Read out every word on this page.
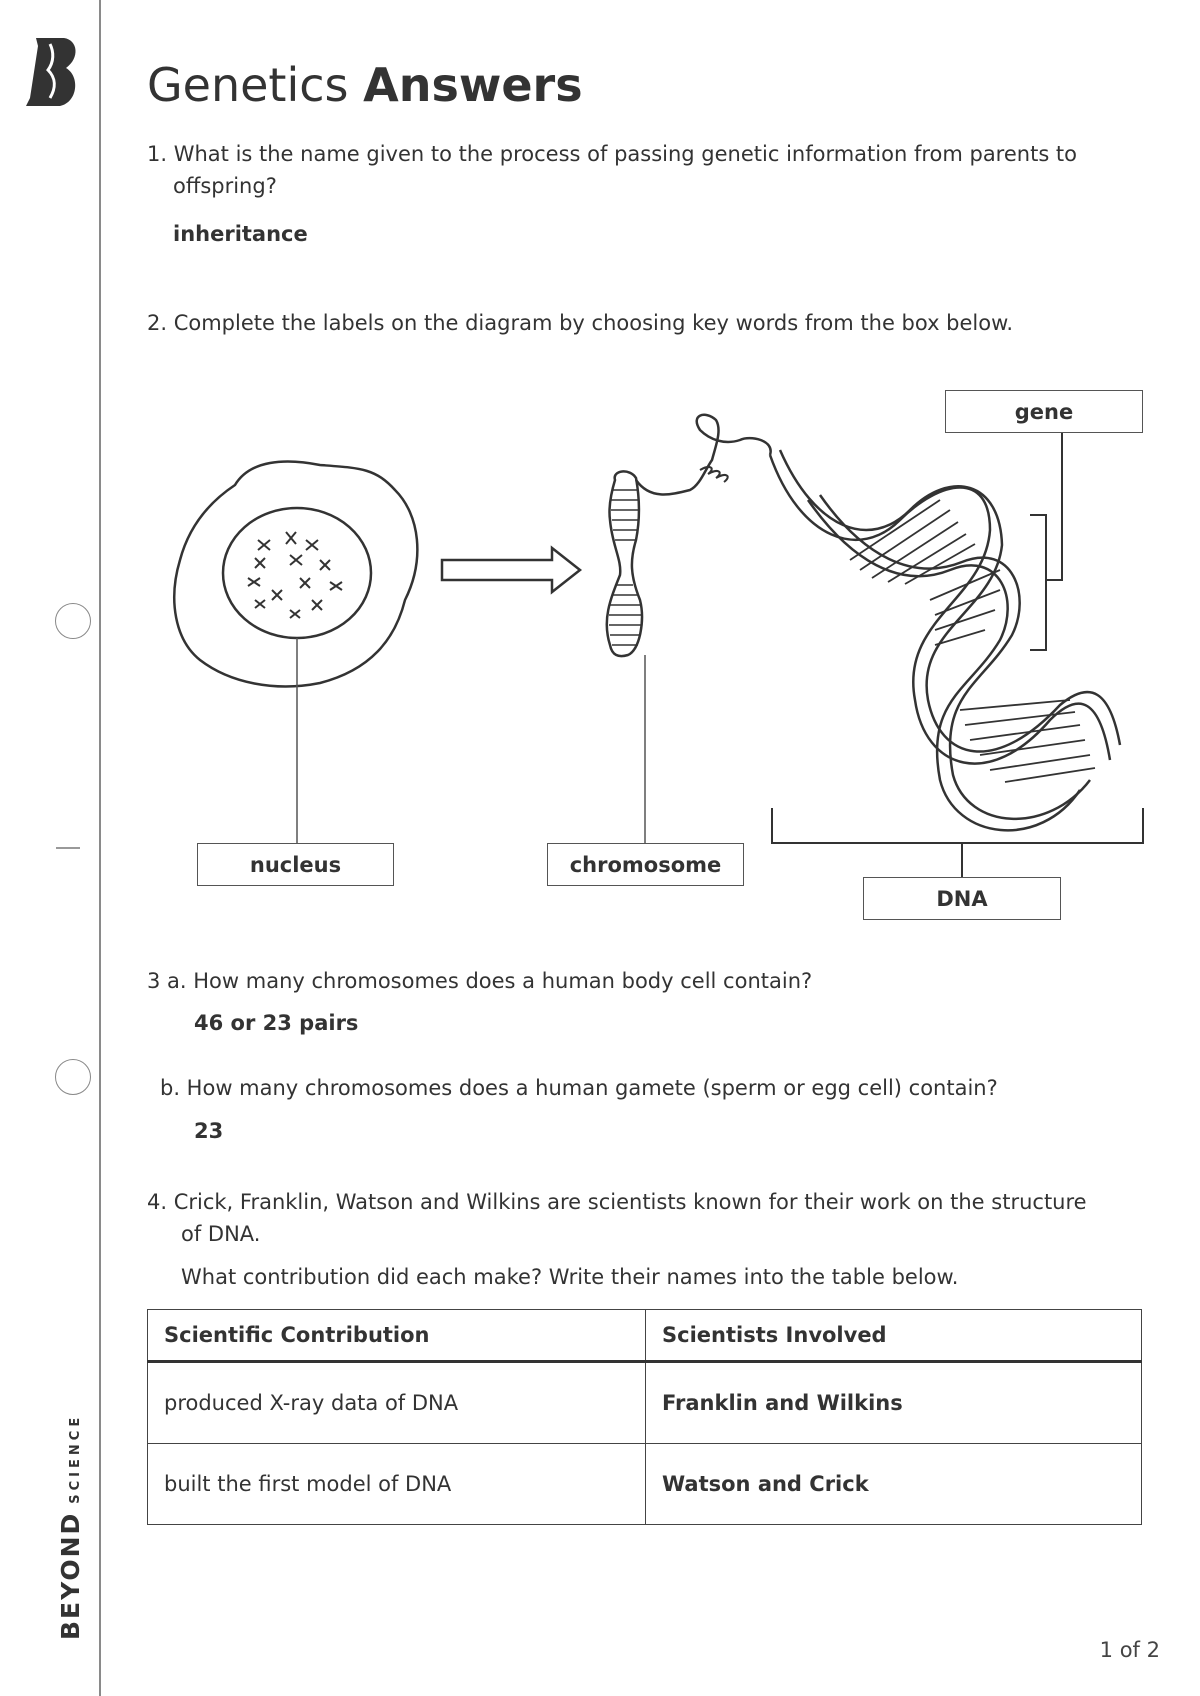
BEYONDSCIENCE
Genetics Answers
1. What is the name given to the process of passing genetic information from parents to
offspring?
inheritance
2. Complete the labels on the diagram by choosing key words from the box below.
gene
nucleus	chromosome
DNA
3 a. How many chromosomes does a human body cell contain?
46 or 23 pairs
b. How many chromosomes does a human gamete (sperm or egg cell) contain?
23
4. Crick, Franklin, Watson and Wilkins are scientists known for their work on the structure
of DNA.
What contribution did each make? Write their names into the table below.
Scientific Contribution	Scientists Involved
produced X-ray data of DNA	Franklin and Wilkins
built the first model of DNA	Watson and Crick
1 of 2
